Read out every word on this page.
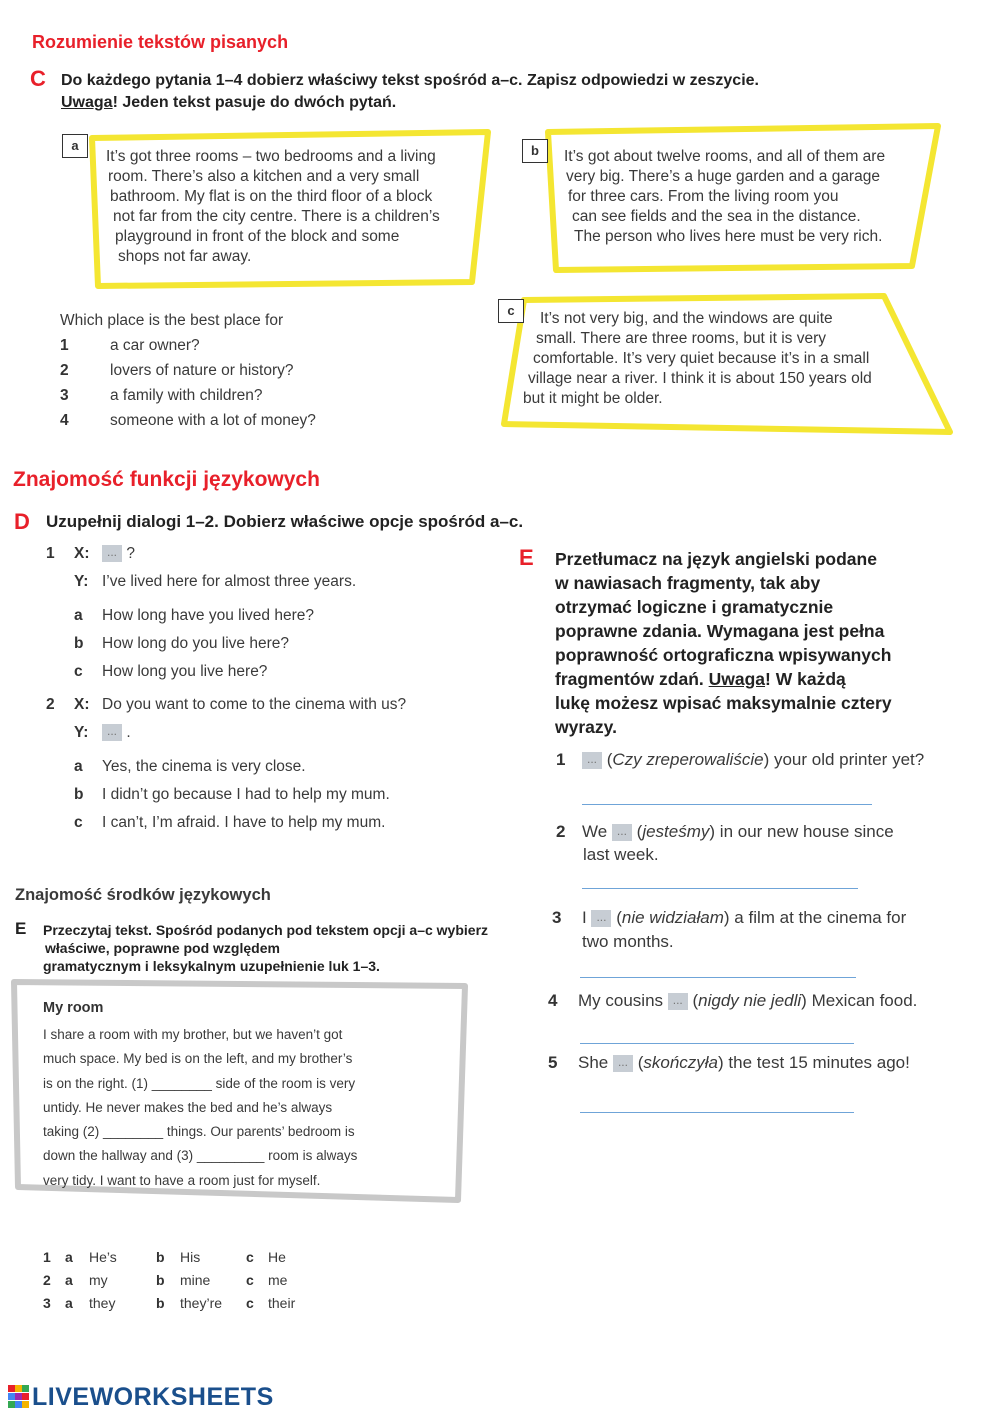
Rozumienie tekstów pisanych
C Do każdego pytania 1–4 dobierz właściwy tekst spośród a–c. Zapisz odpowiedzi w zeszycie.
Uwaga! Jeden tekst pasuje do dwóch pytań.
a
It’s got three rooms – two bedrooms and a living
room. There’s also a kitchen and a very small
bathroom. My flat is on the third floor of a block
not far from the city centre. There is a children’s
playground in front of the block and some
shops not far away.
b	It’s got about twelve rooms, and all of them are
very big. There’s a huge garden and a garage
for three cars. From the living room you
can see fields and the sea in the distance.
The person who lives here must be very rich.
c	It’s not very big, and the windows are quite
small. There are three rooms, but it is very
comfortable. It’s very quiet because it’s in a small
village near a river. I think it is about 150 years old
but it might be older.
Which place is the best place for
1	a car owner?
2	lovers of nature or history?
3	a family with children?
4	someone with a lot of money?
Znajomość funkcji językowych
D Uzupełnij dialogi 1–2. Dobierz właściwe opcje spośród a–c.
1 X: ... ?
Y: I’ve lived here for almost three years.
a How long have you lived here?
b How long do you live here?
c How long you live here?
2 X: Do you want to come to the cinema with us?
Y: ... .
a Yes, the cinema is very close.
b I didn’t go because I had to help my mum.
c I can’t, I’m afraid. I have to help my mum.
E Przetłumacz na język angielski podane
w nawiasach fragmenty, tak aby
otrzymać logiczne i gramatycznie
poprawne zdania. Wymagana jest pełna
poprawność ortograficzna wpisywanych
fragmentów zdań. Uwaga! W każdą
lukę możesz wpisać maksymalnie cztery
wyrazy.
1 ... (Czy zreperowaliście) your old printer yet?
2 We ... (jesteśmy) in our new house since
last week.
3 I ... (nie widziałam) a film at the cinema for
two months.
4 My cousins ... (nigdy nie jedli) Mexican food.
5 She ... (skończyła) the test 15 minutes ago!
Znajomość środków językowych
E Przeczytaj tekst. Spośród podanych pod tekstem opcji a–c wybierz
właściwe, poprawne pod względem
gramatycznym i leksykalnym uzupełnienie luk 1–3.
My room
I share a room with my brother, but we haven’t got
much space. My bed is on the left, and my brother’s
is on the right. (1) ________ side of the room is very
untidy. He never makes the bed and he’s always
taking (2) ________ things. Our parents’ bedroom is
down the hallway and (3) _________ room is always
very tidy. I want to have a room just for myself.
1 a He’s	b His	c He
2 a my	b mine	c me
3 a they	b they’re c their
LIVEWORKSHEETS
